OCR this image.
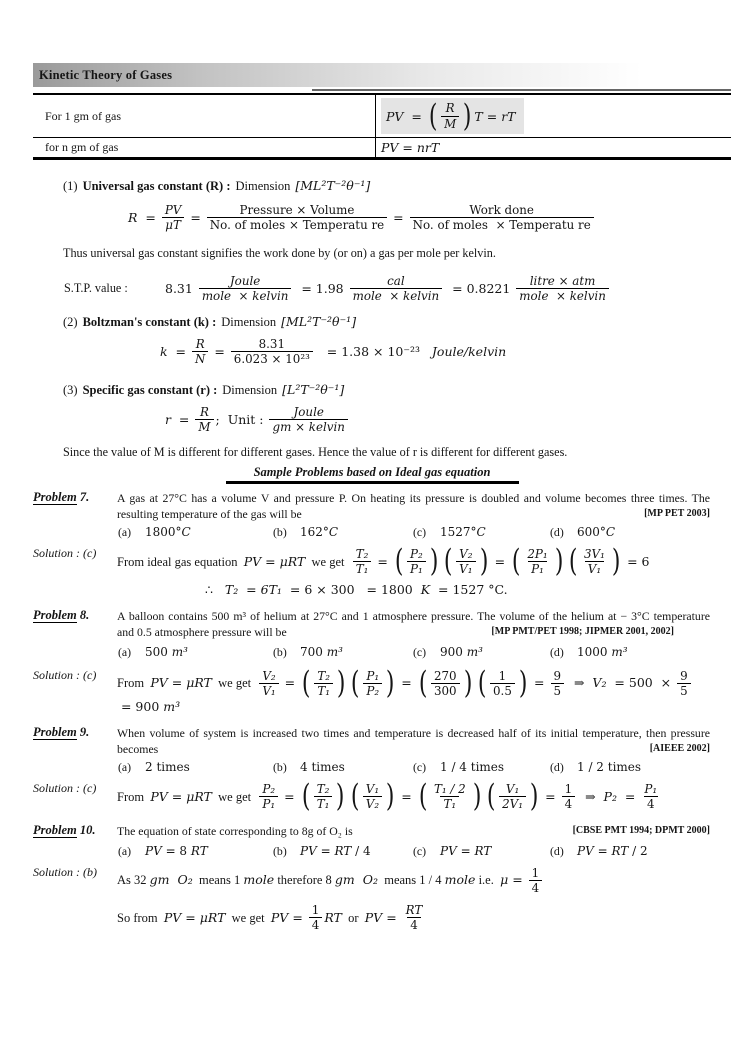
Kinetic Theory of Gases
For 1 gm of gas	PV =
( R
M
) T = rT
for n gm of gas	PV = nrT
(1) Universal gas constant (R) : Dimension [ML²T⁻²θ⁻¹]
$R = \frac{PV}{\mu T}$ =
Pressure × Volume
No. of moles × Temperatu re =
Work done
No. of moles  × Temperatu re
Thus universal gas constant signifies the work done by (or on) a gas per mole per kelvin.
S.T.P. value :	8.31
Joule
mole  × kelvin = 1.98
cal
mole  × kelvin = 0.8221
litre × atm
mole  × kelvin
(2) Boltzman's constant (k) : Dimension [ML²T⁻²θ⁻¹]
$k = \frac{R}{N} = \frac{8.31}{\text{6.023 × 10²³}} = 1.38 \times 10^{-23}$ Joule/kelvin
(3) Specific gas constant (r) : Dimension [L²T⁻²θ⁻¹]
$r = \frac{R}{M}$ ;  Unit :
Joule
gm × kelvin
Since the value of M is different for different gases. Hence the value of r is different for different gases.
Sample Problems based on Ideal gas equation
Problem 7.	A gas at 27°C has a volume V and pressure P. On heating its pressure is doubled and volume becomes three times. The
resulting temperature of the gas will be	[MP PET 2003]
(a)	1800° C	(b)	162° C	(c)	1527° C	(d)	600° C
Solution : (c)
From ideal gas equation PV = μRT we get $\frac{\text{T₂}}{\text{T₁}}$ = ( P₂
P₁
)
( V₂
V₁
)
= ( 2P₁
P₁
)
( 3V₁
V₁
)
= 6
∴ T₂ = 6T₁ = 6 × 300   = 1800 K = 1527 °C.
Problem 8.	A balloon contains 500 m³ of helium at 27°C and 1 atmosphere pressure. The volume of the helium at − 3°C temperature
and 0.5 atmosphere pressure will be	[MP PMT/PET 1998; JIPMER 2001, 2002]
(a)	500 m³	(b)	700 m³	(c)	900 m³	(d)	1000 m³
Solution : (c)
From PV = μRT we get $\frac{\text{V₂}}{\text{V₁}}$ = ( T₂
T₁
)
( P₁
P₂
)
= ( 270
300
)
( 1
0.5
)
= $\frac{9}{5}$ ⇒ $V_2 = 500 \times \frac{9}{5}$
= 900 m³
Problem 9.	When volume of system is increased two times and temperature is decreased half of its initial temperature, then pressure
becomes	[AIEEE 2002]
(a)	2 times	(b)	4 times	(c)	1 / 4 times	(d)	1 / 2 times
Solution : (c)
From PV = μRT we get $\frac{\text{P₂}}{\text{P₁}}$ = ( T₂
T₁
)
( V₁
V₂
)
= ( T₁ / 2
T₁
)
( V₁
2V₁
)
= $\frac{1}{4}$ ⇒ $P_2 = \frac{\text{P₁}}{4}$
Problem 10.	The equation of state corresponding to 8g of O₂ is	[CBSE PMT 1994; DPMT 2000]
(a)	PV = 8 RT	(b)	PV = RT / 4	(c)	PV = RT	(d)	PV = RT / 2
Solution : (b)
As 32 gm  O₂ means 1 mole therefore 8 gm  O₂ means 1 / 4 mole i.e. $\mu = \frac{1}{4}$
So from PV = μRT we get PV = $\frac{1}{4}$ RT or PV = $\frac{RT}{4}$
